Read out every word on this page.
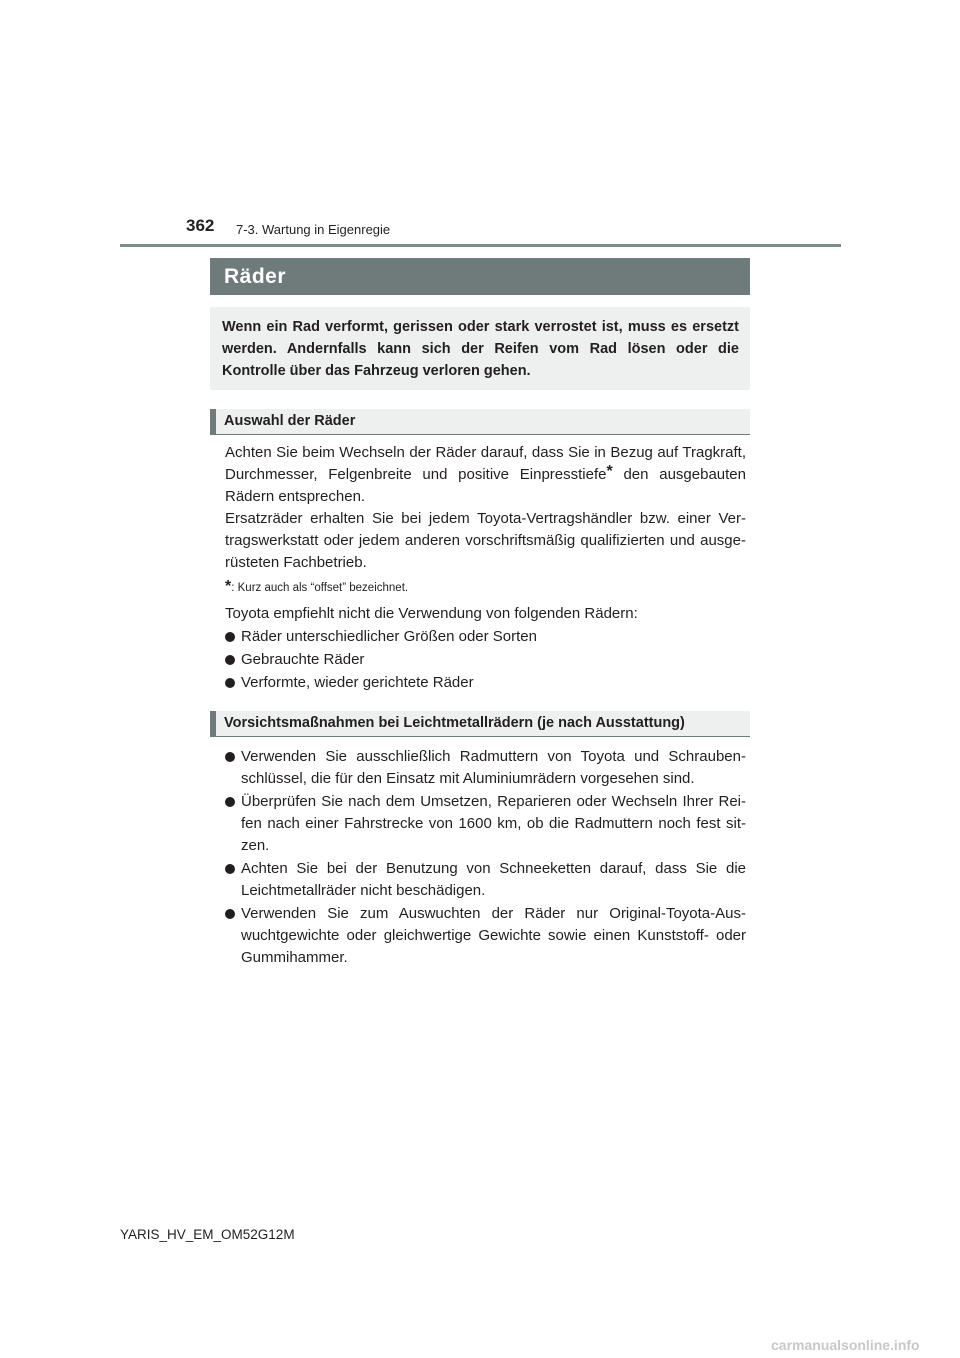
362 7-3. Wartung in Eigenregie
Räder
Wenn ein Rad verformt, gerissen oder stark verrostet ist, muss es ersetzt werden. Andernfalls kann sich der Reifen vom Rad lösen oder die Kontrolle über das Fahrzeug verloren gehen.
Auswahl der Räder

Achten Sie beim Wechseln der Räder darauf, dass Sie in Bezug auf Tragkraft, Durchmesser, Felgenbreite und positive Einpresstiefe* den ausgebauten Rädern entsprechen.

Ersatzräder erhalten Sie bei jedem Toyota-Vertragshändler bzw. einer Vertragswerkstatt oder jedem anderen vorschriftsmäßig qualifizierten und ausgerüsteten Fachbetrieb.

*: Kurz auch als “offset” bezeichnet.

Toyota empfiehlt nicht die Verwendung von folgenden Rädern:

Räder unterschiedlicher Größen oder Sorten
Gebrauchte Räder
Verformte, wieder gerichtete Räder
Vorsichtsmaßnahmen bei Leichtmetallrädern (je nach Ausstattung)
Verwenden Sie ausschließlich Radmuttern von Toyota und Schraubenschlüssel, die für den Einsatz mit Aluminiumrädern vorgesehen sind.
Überprüfen Sie nach dem Umsetzen, Reparieren oder Wechseln Ihrer Reifen nach einer Fahrstrecke von 1600 km, ob die Radmuttern noch fest sitzen.
Achten Sie bei der Benutzung von Schneeketten darauf, dass Sie die Leichtmetallräder nicht beschädigen.
Verwenden Sie zum Auswuchten der Räder nur Original-Toyota-Auswuchtgewichte oder gleichwertige Gewichte sowie einen Kunststoff- oder Gummihammer.
YARIS_HV_EM_OM52G12M
carmanualsonline.info
